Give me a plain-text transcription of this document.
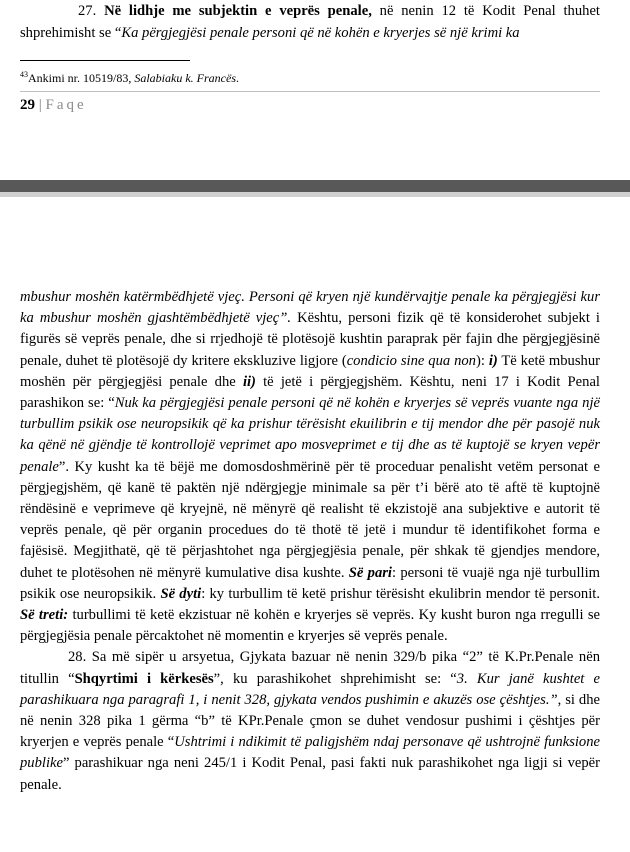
27. Në lidhje me subjektin e veprës penale, në nenin 12 të Kodit Penal thuhet shprehimisht se “Ka përgjegjësi penale personi që në kohën e kryerjes së një krimi ka
$^{43}$Ankimi nr. 10519/83, Salabiaku k. Francës.
29 | Faqe

mbushur moshën katërmbëdhjetë vjeç. Personi që kryen një kundërvajtje penale ka përgjegjësi kur ka mbushur moshën gjashtëmbëdhjetë vjeç”. Kështu, personi fizik që të konsiderohet subjekt i figurës së veprës penale, dhe si rrjedhojë të plotësojë kushtin paraprak për fajin dhe përgjegjësinë penale, duhet të plotësojë dy kritere ekskluzive ligjore (condicio sine qua non): i) Të ketë mbushur moshën për përgjegjësi penale dhe ii) të jetë i përgjegjshëm. Kështu, neni 17 i Kodit Penal parashikon se: “Nuk ka përgjegjësi penale personi që në kohën e kryerjes së veprës vuante nga një turbullim psikik ose neuropsikik që ka prishur tërësisht ekuilibrin e tij mendor dhe për pasojë nuk ka qënë në gjëndje të kontrollojë veprimet apo mosveprimet e tij dhe as të kuptojë se kryen vepër penale”. Ky kusht ka të bëjë me domosdoshmërinë për të proceduar penalisht vetëm personat e përgjegjshëm, që kanë të paktën një ndërgjegje minimale sa për t’i bërë ato të aftë të kuptojnë rëndësinë e veprimeve që kryejnë, në mënyrë që realisht të ekzistojë ana subjektive e autorit të veprës penale, që për organin procedues do të thotë të jetë i mundur të identifikohet forma e fajësisë. Megjithatë, që të përjashtohet nga përgjegjësia penale, për shkak të gjendjes mendore, duhet te plotësohen në mënyrë kumulative disa kushte. Së pari: personi të vuajë nga një turbullim psikik ose neuropsikik. Së dyti: ky turbullim të ketë prishur tërësisht ekulibrin mendor të personit. Së treti: turbullimi të ketë ekzistuar në kohën e kryerjes së veprës. Ky kusht buron nga rregulli se përgjegjësia penale përcaktohet në momentin e kryerjes së veprës penale.

28. Sa më sipër u arsyetua, Gjykata bazuar në nenin 329/b pika “2” të K.Pr.Penale nën titullin “Shqyrtimi i kërkesës”, ku parashikohet shprehimisht se: “3. Kur janë kushtet e parashikuara nga paragrafi 1, i nenit 328, gjykata vendos pushimin e akuzës ose çështjes.”, si dhe në nenin 328 pika 1 gërma “b” të KPr.Penale çmon se duhet vendosur pushimi i çështjes për kryerjen e veprës penale “Ushtrimi i ndikimit të paligjshëm ndaj personave që ushtrojnë funksione publike” parashikuar nga neni 245/1 i Kodit Penal, pasi fakti nuk parashikohet nga ligji si vepër penale.
